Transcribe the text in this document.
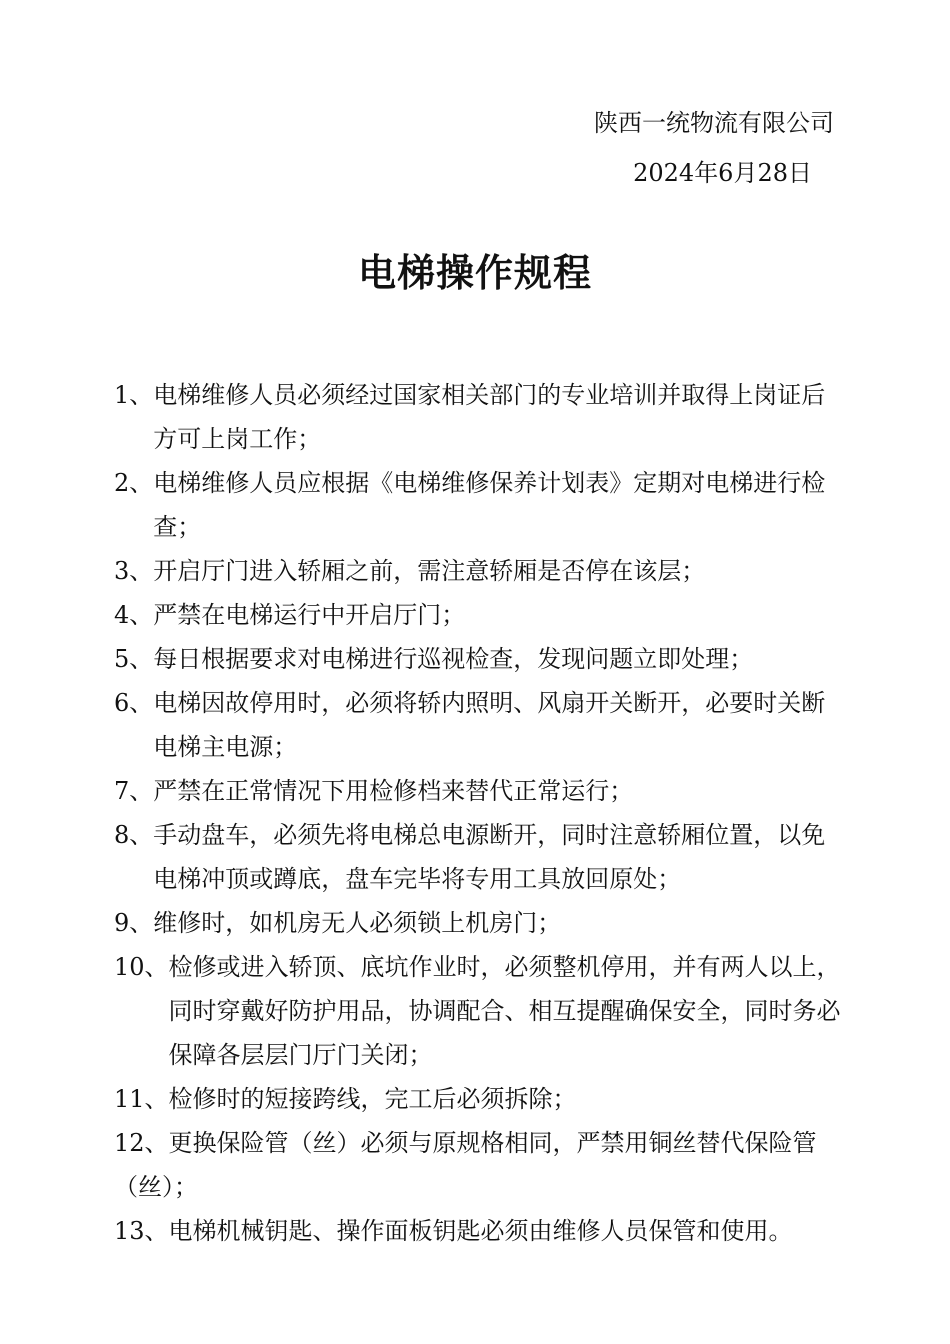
陕西一统物流有限公司
2024年6月28日
电梯操作规程
1、 电梯维修人员必须经过国家相关部门的专业培训并取得上岗证后方可上岗工作；
2、 电梯维修人员应根据《电梯维修保养计划表》定期对电梯进行检查；
3、 开启厅门进入轿厢之前，需注意轿厢是否停在该层；
4、 严禁在电梯运行中开启厅门；
5、 每日根据要求对电梯进行巡视检查，发现问题立即处理；
6、 电梯因故停用时，必须将轿内照明、风扇开关断开，必要时关断电梯主电源；
7、 严禁在正常情况下用检修档来替代正常运行；
8、 手动盘车，必须先将电梯总电源断开，同时注意轿厢位置，以免电梯冲顶或蹲底，盘车完毕将专用工具放回原处；
9、 维修时，如机房无人必须锁上机房门；
10、 检修或进入轿顶、底坑作业时，必须整机停用，并有两人以上，同时穿戴好防护用品，协调配合、相互提醒确保安全，同时务必保障各层层门厅门关闭；
11、 检修时的短接跨线，完工后必须拆除；
12、更换保险管（丝）必须与原规格相同，严禁用铜丝替代保险管（丝）；
13、 电梯机械钥匙、操作面板钥匙必须由维修人员保管和使用。
